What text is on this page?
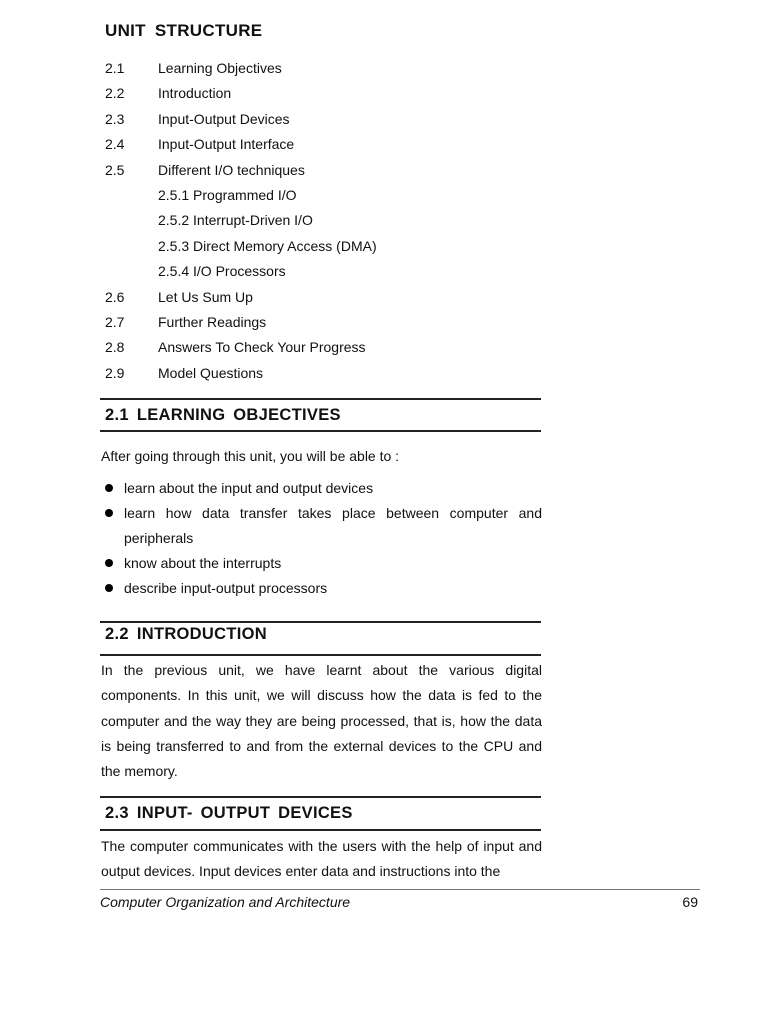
UNIT STRUCTURE
2.1 Learning Objectives
2.2 Introduction
2.3 Input-Output Devices
2.4 Input-Output Interface
2.5 Different I/O techniques
2.5.1 Programmed I/O
2.5.2 Interrupt-Driven I/O
2.5.3 Direct Memory Access (DMA)
2.5.4 I/O Processors
2.6 Let Us Sum Up
2.7 Further Readings
2.8 Answers To Check Your Progress
2.9 Model Questions
2.1 LEARNING OBJECTIVES
After going through this unit, you will be able to :
learn about the input and output devices
learn how data transfer takes place between computer and peripherals
know about the interrupts
describe input-output processors
2.2 INTRODUCTION
In the previous unit, we have learnt about the various digital components. In this unit, we will discuss how the data is fed to the computer and the way they are being processed, that is, how the data is being transferred to and from the external devices to the CPU and the memory.
2.3 INPUT- OUTPUT DEVICES
The computer communicates with the users with the help of input and output devices. Input devices enter data and instructions into the
Computer Organization and Architecture	69
